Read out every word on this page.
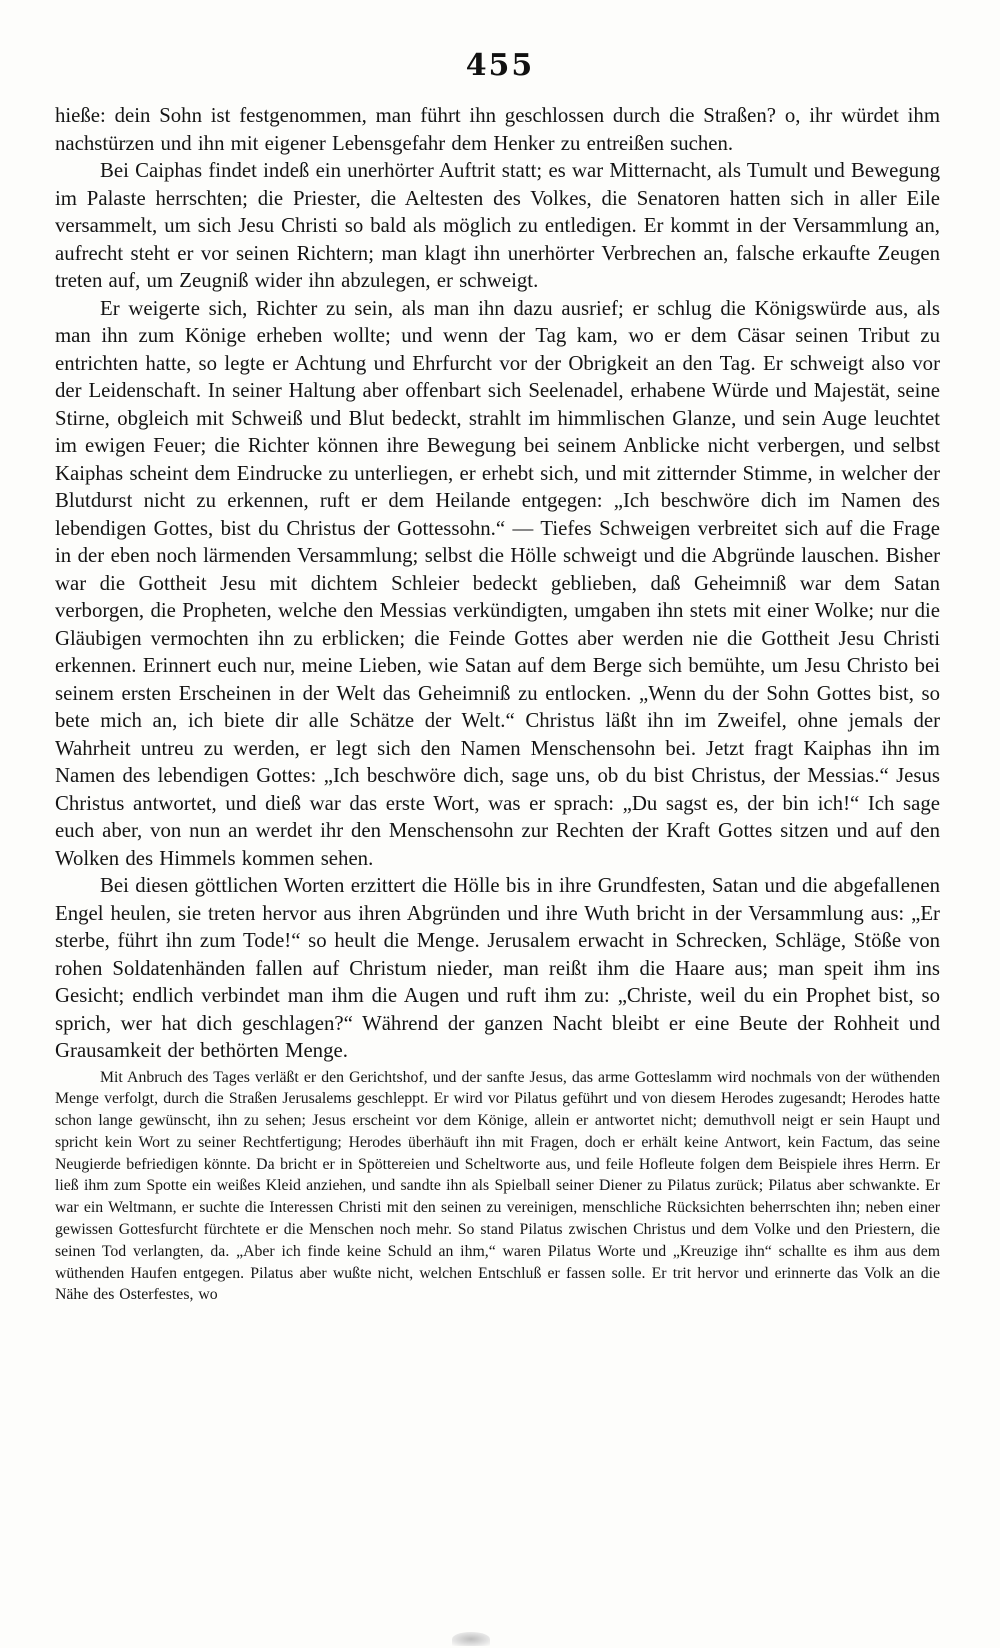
455

hieße: dein Sohn ist festgenommen, man führt ihn geschlossen durch die Straßen? o, ihr würdet ihm nachstürzen und ihn mit eigener Lebensgefahr dem Henker zu entreißen suchen.

Bei Caiphas findet indeß ein unerhörter Auftrit statt; es war Mitternacht, als Tumult und Bewegung im Palaste herrschten; die Priester, die Aeltesten des Volkes, die Senatoren hatten sich in aller Eile versammelt, um sich Jesu Christi so bald als möglich zu entledigen. Er kommt in der Versammlung an, aufrecht steht er vor seinen Richtern; man klagt ihn unerhörter Verbrechen an, falsche erkaufte Zeugen treten auf, um Zeugniß wider ihn abzulegen, er schweigt.

Er weigerte sich, Richter zu sein, als man ihn dazu ausrief; er schlug die Königswürde aus, als man ihn zum Könige erheben wollte; und wenn der Tag kam, wo er dem Cäsar seinen Tribut zu entrichten hatte, so legte er Achtung und Ehrfurcht vor der Obrigkeit an den Tag. Er schweigt also vor der Leidenschaft. In seiner Haltung aber offenbart sich Seelenadel, erhabene Würde und Majestät, seine Stirne, obgleich mit Schweiß und Blut bedeckt, strahlt im himmlischen Glanze, und sein Auge leuchtet im ewigen Feuer; die Richter können ihre Bewegung bei seinem Anblicke nicht verbergen, und selbst Kaiphas scheint dem Eindrucke zu unterliegen, er erhebt sich, und mit zitternder Stimme, in welcher der Blutdurst nicht zu erkennen, ruft er dem Heilande entgegen: „Ich beschwöre dich im Namen des lebendigen Gottes, bist du Christus der Gottessohn.“ — Tiefes Schweigen verbreitet sich auf die Frage in der eben noch lärmenden Versammlung; selbst die Hölle schweigt und die Abgründe lauschen. Bisher war die Gottheit Jesu mit dichtem Schleier bedeckt geblieben, daß Geheimniß war dem Satan verborgen, die Propheten, welche den Messias verkündigten, umgaben ihn stets mit einer Wolke; nur die Gläubigen vermochten ihn zu erblicken; die Feinde Gottes aber werden nie die Gottheit Jesu Christi erkennen. Erinnert euch nur, meine Lieben, wie Satan auf dem Berge sich bemühte, um Jesu Christo bei seinem ersten Erscheinen in der Welt das Geheimniß zu entlocken. „Wenn du der Sohn Gottes bist, so bete mich an, ich biete dir alle Schätze der Welt.“ Christus läßt ihn im Zweifel, ohne jemals der Wahrheit untreu zu werden, er legt sich den Namen Menschensohn bei. Jetzt fragt Kaiphas ihn im Namen des lebendigen Gottes: „Ich beschwöre dich, sage uns, ob du bist Christus, der Messias.“ Jesus Christus antwortet, und dieß war das erste Wort, was er sprach: „Du sagst es, der bin ich!“ Ich sage euch aber, von nun an werdet ihr den Menschensohn zur Rechten der Kraft Gottes sitzen und auf den Wolken des Himmels kommen sehen.

Bei diesen göttlichen Worten erzittert die Hölle bis in ihre Grundfesten, Satan und die abgefallenen Engel heulen, sie treten hervor aus ihren Abgründen und ihre Wuth bricht in der Versammlung aus: „Er sterbe, führt ihn zum Tode!“ so heult die Menge. Jerusalem erwacht in Schrecken, Schläge, Stöße von rohen Soldatenhänden fallen auf Christum nieder, man reißt ihm die Haare aus; man speit ihm ins Gesicht; endlich verbindet man ihm die Augen und ruft ihm zu: „Christe, weil du ein Prophet bist, so sprich, wer hat dich geschlagen?“ Während der ganzen Nacht bleibt er eine Beute der Rohheit und Grausamkeit der bethörten Menge.

Mit Anbruch des Tages verläßt er den Gerichtshof, und der sanfte Jesus, das arme Gotteslamm wird nochmals von der wüthenden Menge verfolgt, durch die Straßen Jerusalems geschleppt. Er wird vor Pilatus geführt und von diesem Herodes zugesandt; Herodes hatte schon lange gewünscht, ihn zu sehen; Jesus erscheint vor dem Könige, allein er antwortet nicht; demuthvoll neigt er sein Haupt und spricht kein Wort zu seiner Rechtfertigung; Herodes überhäuft ihn mit Fragen, doch er erhält keine Antwort, kein Factum, das seine Neugierde befriedigen könnte. Da bricht er in Spöttereien und Scheltworte aus, und feile Hofleute folgen dem Beispiele ihres Herrn. Er ließ ihm zum Spotte ein weißes Kleid anziehen, und sandte ihn als Spielball seiner Diener zu Pilatus zurück; Pilatus aber schwankte. Er war ein Weltmann, er suchte die Interessen Christi mit den seinen zu vereinigen, menschliche Rücksichten beherrschten ihn; neben einer gewissen Gottesfurcht fürchtete er die Menschen noch mehr. So stand Pilatus zwischen Christus und dem Volke und den Priestern, die seinen Tod verlangten, da. „Aber ich finde keine Schuld an ihm,“ waren Pilatus Worte und „Kreuzige ihn“ schallte es ihm aus dem wüthenden Haufen entgegen. Pilatus aber wußte nicht, welchen Entschluß er fassen solle. Er trit hervor und erinnerte das Volk an die Nähe des Osterfestes, wo
